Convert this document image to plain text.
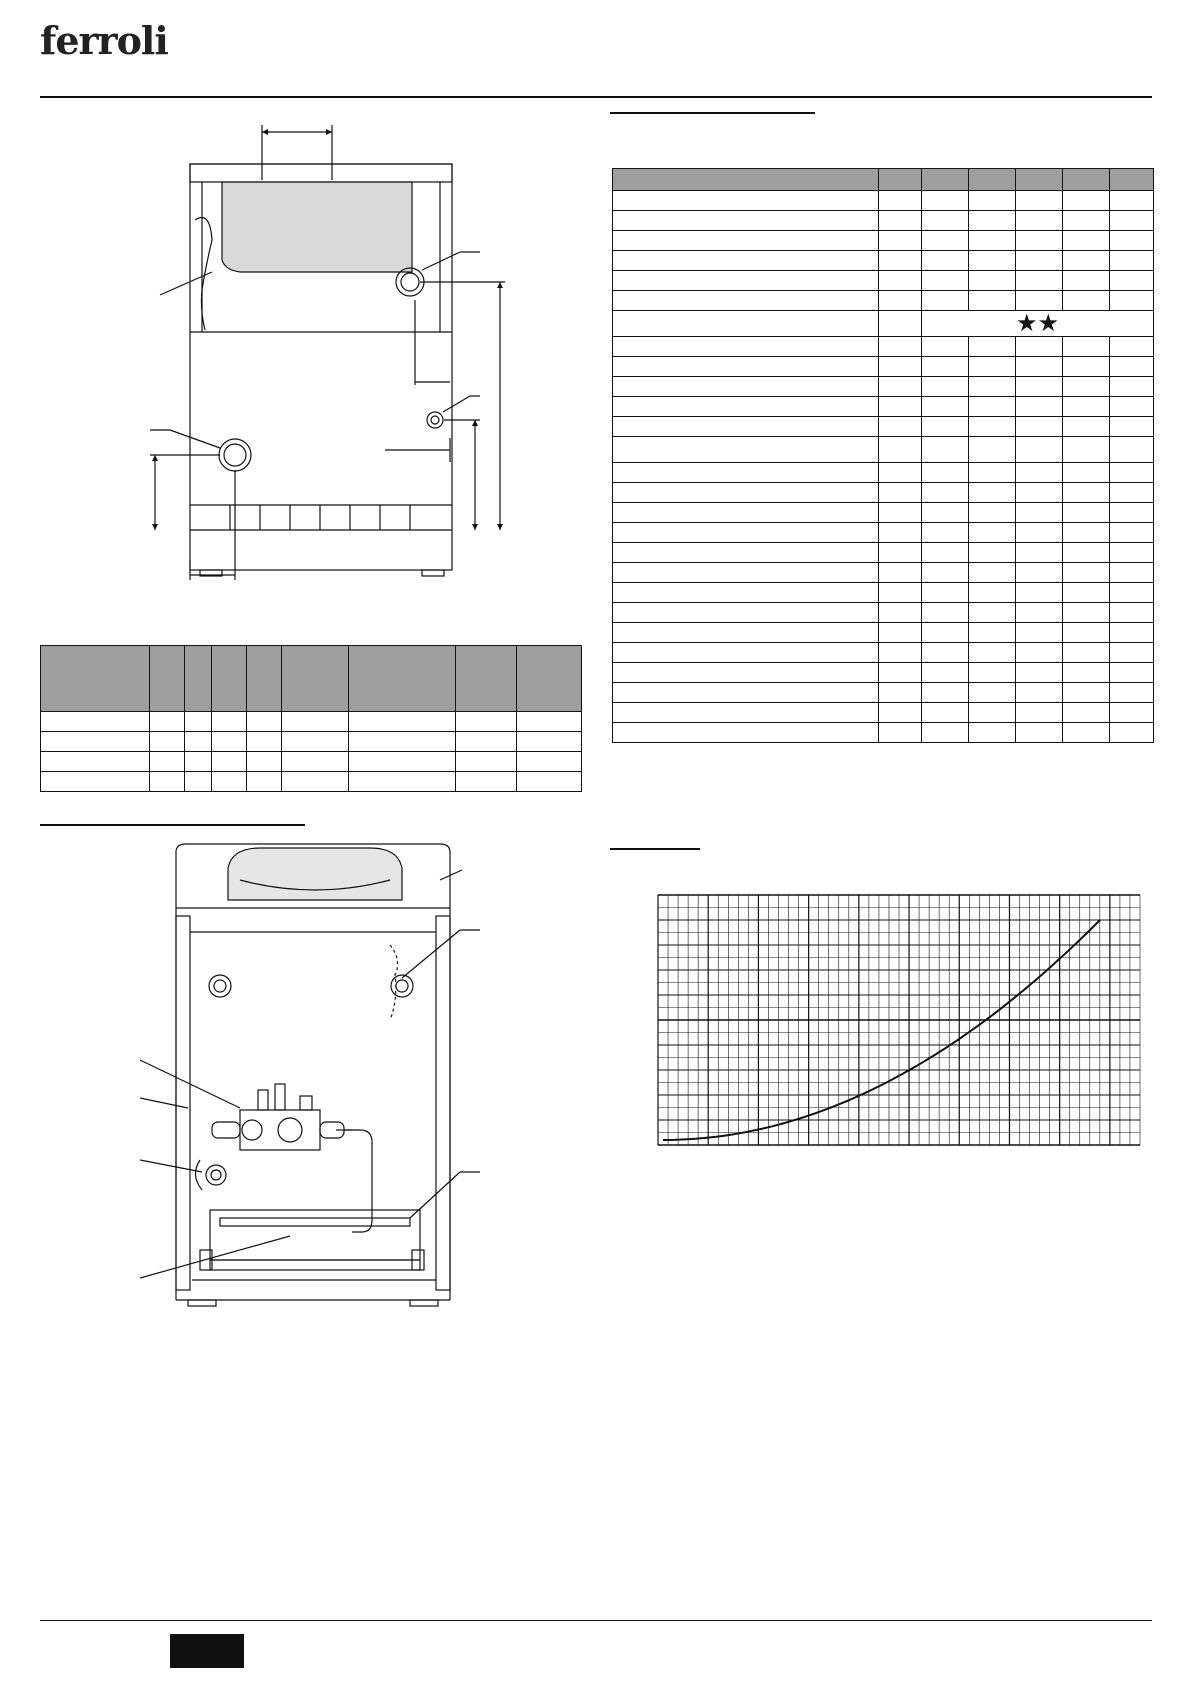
ferroli

		★★				
